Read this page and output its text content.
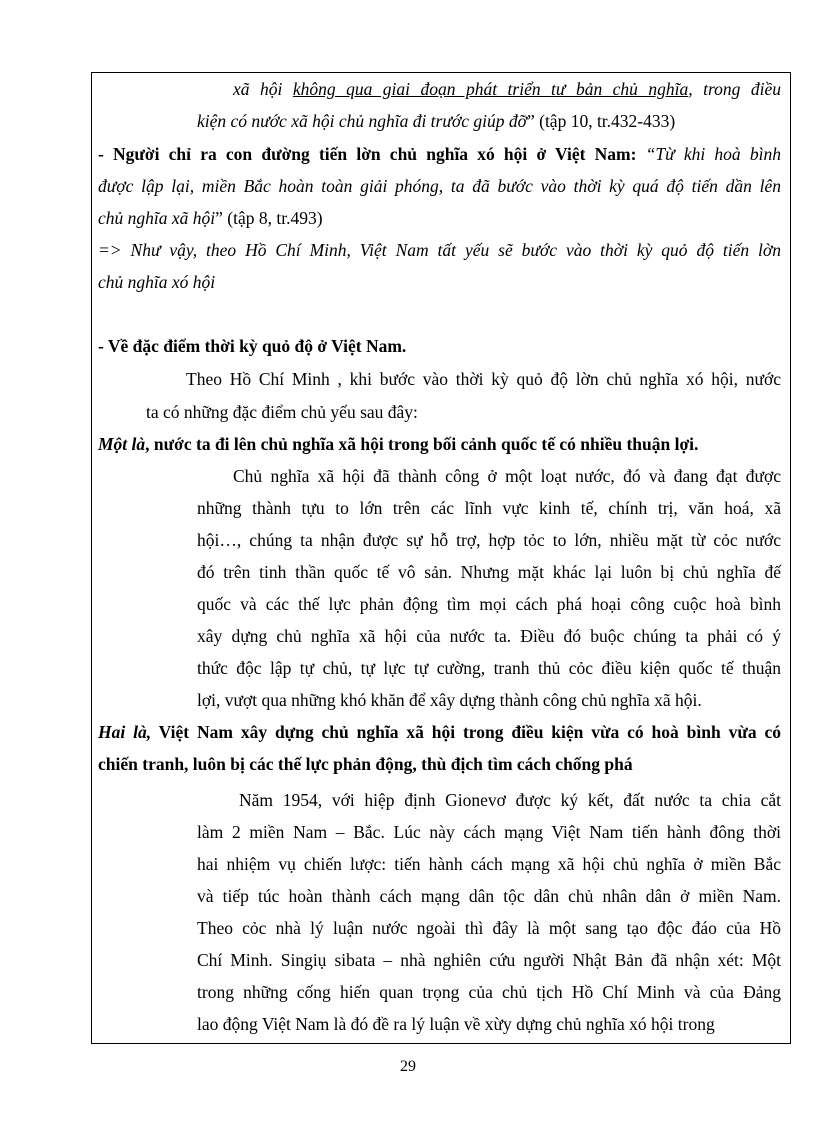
xã hội không qua giai đoạn phát triển tư bản chủ nghĩa, trong điều
kiện có nước xã hội chủ nghĩa đi trước giúp đỡ” (tập 10, tr.432-433)
- Người chỉ ra con đường tiến lờn chủ nghĩa xó hội ở Việt Nam: “Từ khi hoà bình
được lập lại, miền Bắc hoàn toàn giải phóng, ta đã bước vào thời kỳ quá độ tiến dần lên
chủ nghĩa xã hội” (tập 8, tr.493)
=> Như vậy, theo Hồ Chí Minh, Việt Nam tất yếu sẽ bước vào thời kỳ quỏ độ tiến lờn
chủ nghĩa xó hội
- Về đặc điểm thời kỳ quỏ độ ở Việt Nam.
Theo Hồ Chí Minh , khi bước vào thời kỳ quỏ độ lờn chủ nghĩa xó hội, nước
ta có những đặc điểm chủ yếu sau đây:
Một là, nước ta đi lên chủ nghĩa xã hội trong bối cảnh quốc tế có nhiều thuận lợi.
Chủ nghĩa xã hội đã thành công ở một loạt nước, đó và đang đạt được
những thành tựu to lớn trên các lĩnh vực kinh tế, chính trị, văn hoá, xã
hội…, chúng ta nhận được sự hỗ trợ, hợp tỏc to lớn, nhiều mặt từ cỏc nước
đó trên tinh thần quốc tế vô sản. Nhưng mặt khác lại luôn bị chủ nghĩa đế
quốc và các thế lực phản động tìm mọi cách phá hoại công cuộc hoà bình
xây dựng chủ nghĩa xã hội của nước ta. Điều đó buộc chúng ta phải có ý
thức độc lập tự chủ, tự lực tự cường, tranh thủ cỏc điều kiện quốc tế thuận
lợi, vượt qua những khó khăn để xây dựng thành công chủ nghĩa xã hội.
Hai là, Việt Nam xây dựng chủ nghĩa xã hội trong điều kiện vừa có hoà bình vừa có
chiến tranh, luôn bị các thế lực phản động, thù địch tìm cách chống phá
Năm 1954, với hiệp định Gionevơ được ký kết, đất nước ta chia cắt
làm 2 miền Nam – Bắc. Lúc này cách mạng Việt Nam tiến hành đông thời
hai nhiệm vụ chiến lược: tiến hành cách mạng xã hội chủ nghĩa ở miền Bắc
và tiếp túc hoàn thành cách mạng dân tộc dân chủ nhân dân ở miền Nam.
Theo cỏc nhà lý luận nước ngoài thì đây là một sang tạo độc đáo của Hồ
Chí Minh. Singiụ sibata – nhà nghiên cứu người Nhật Bản đã nhận xét: Một
trong những cống hiến quan trọng của chủ tịch Hồ Chí Minh và của Đảng
lao động Việt Nam là đó đề ra lý luận về xừy dựng chủ nghĩa xó hội trong
29
